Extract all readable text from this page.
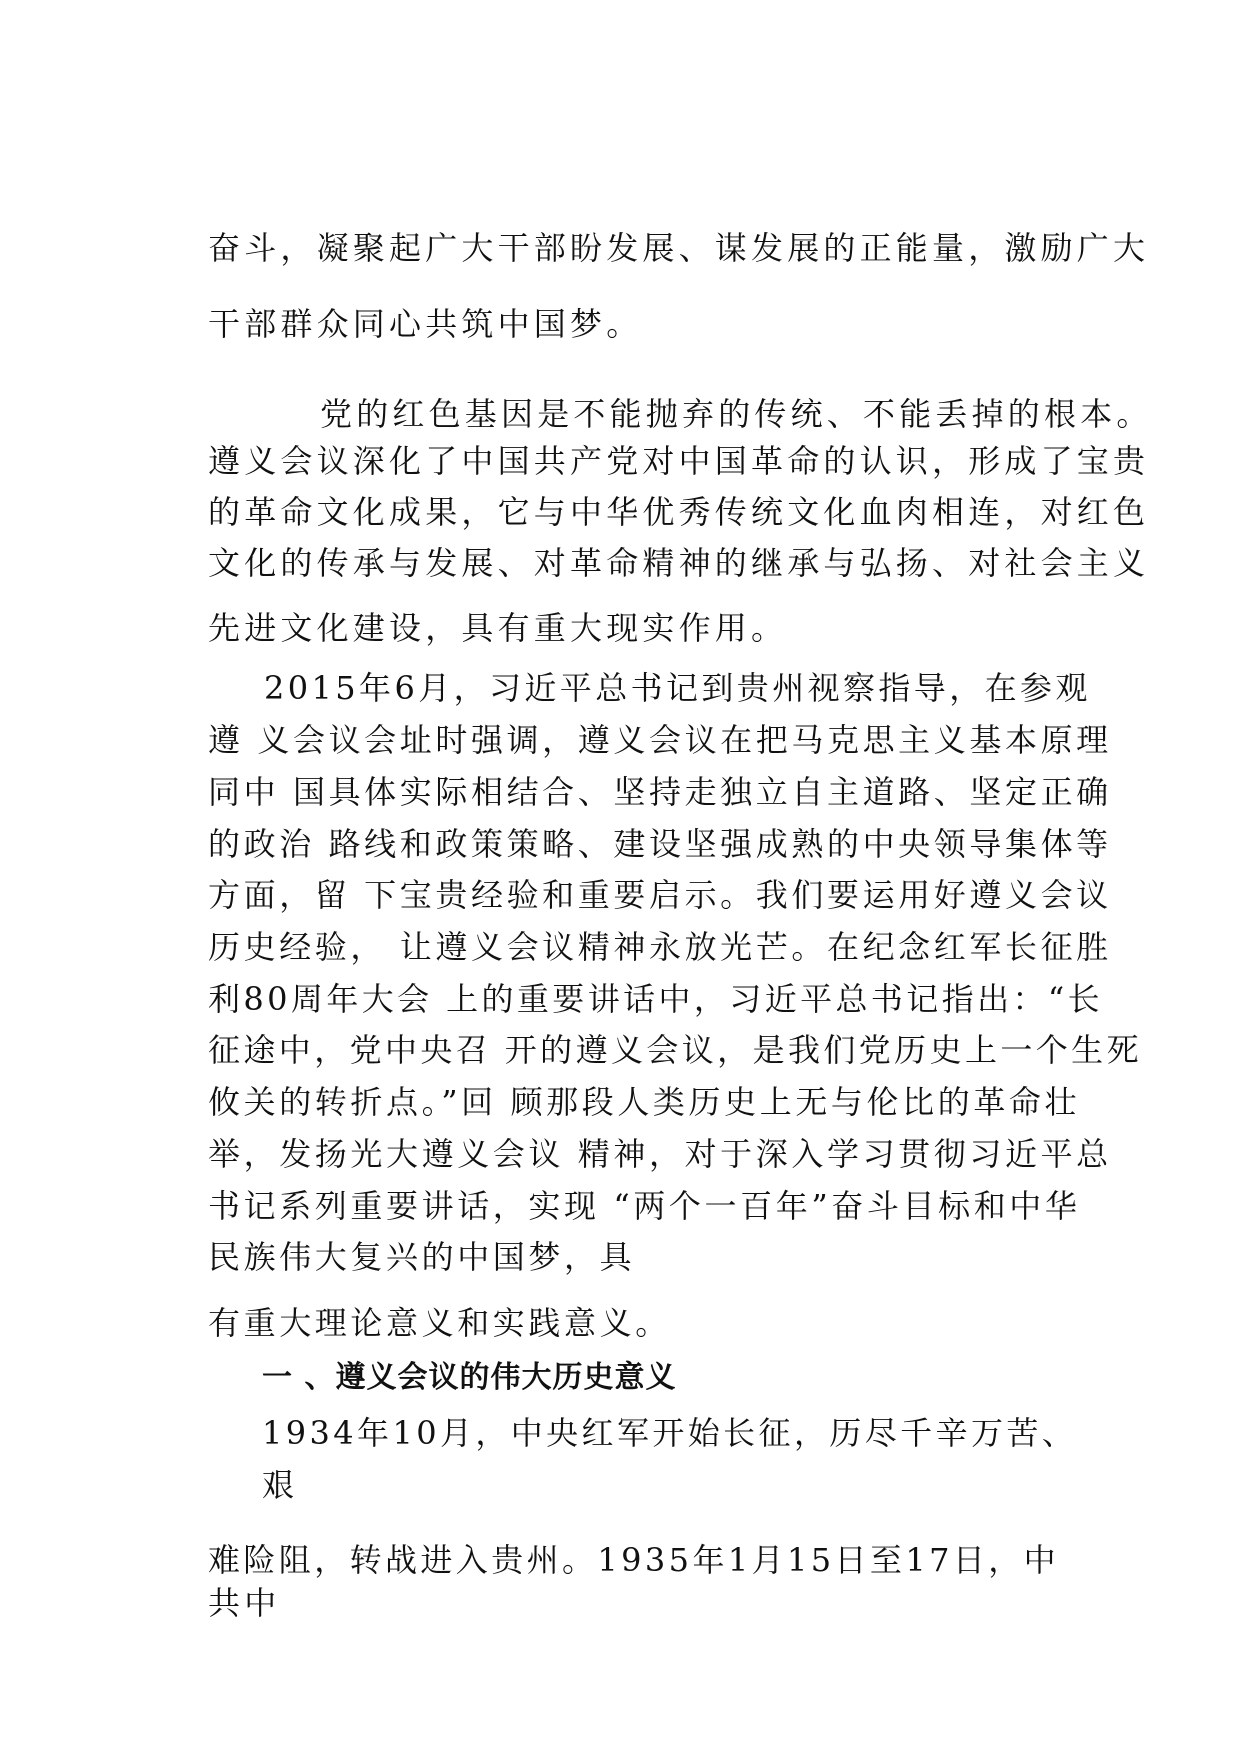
奋斗，凝聚起广大干部盼发展、谋发展的正能量，激励广大
干部群众同心共筑中国梦。
党的红色基因是不能抛弃的传统、不能丢掉的根本。
遵义会议深化了中国共产党对中国革命的认识，形成了宝贵
的革命文化成果，它与中华优秀传统文化血肉相连，对红色
文化的传承与发展、对革命精神的继承与弘扬、对社会主义
先进文化建设，具有重大现实作用。
2015年6月，习近平总书记到贵州视察指导，在参观
遵 义会议会址时强调，遵义会议在把马克思主义基本原理
同中 国具体实际相结合、坚持走独立自主道路、坚定正确
的政治 路线和政策策略、建设坚强成熟的中央领导集体等
方面，留 下宝贵经验和重要启示。我们要运用好遵义会议
历史经验， 让遵义会议精神永放光芒。在纪念红军长征胜
利80周年大会 上的重要讲话中，习近平总书记指出：“长
征途中，党中央召 开的遵义会议，是我们党历史上一个生死
攸关的转折点。”回 顾那段人类历史上无与伦比的革命壮
举，发扬光大遵义会议 精神，对于深入学习贯彻习近平总
书记系列重要讲话，实现 “两个一百年”奋斗目标和中华
民族伟大复兴的中国梦，具
有重大理论意义和实践意义。
一 、遵义会议的伟大历史意义
1934年10月，中央红军开始长征，历尽千辛万苦、
艰
难险阻，转战进入贵州。1935年1月15日至17日，中
共中
